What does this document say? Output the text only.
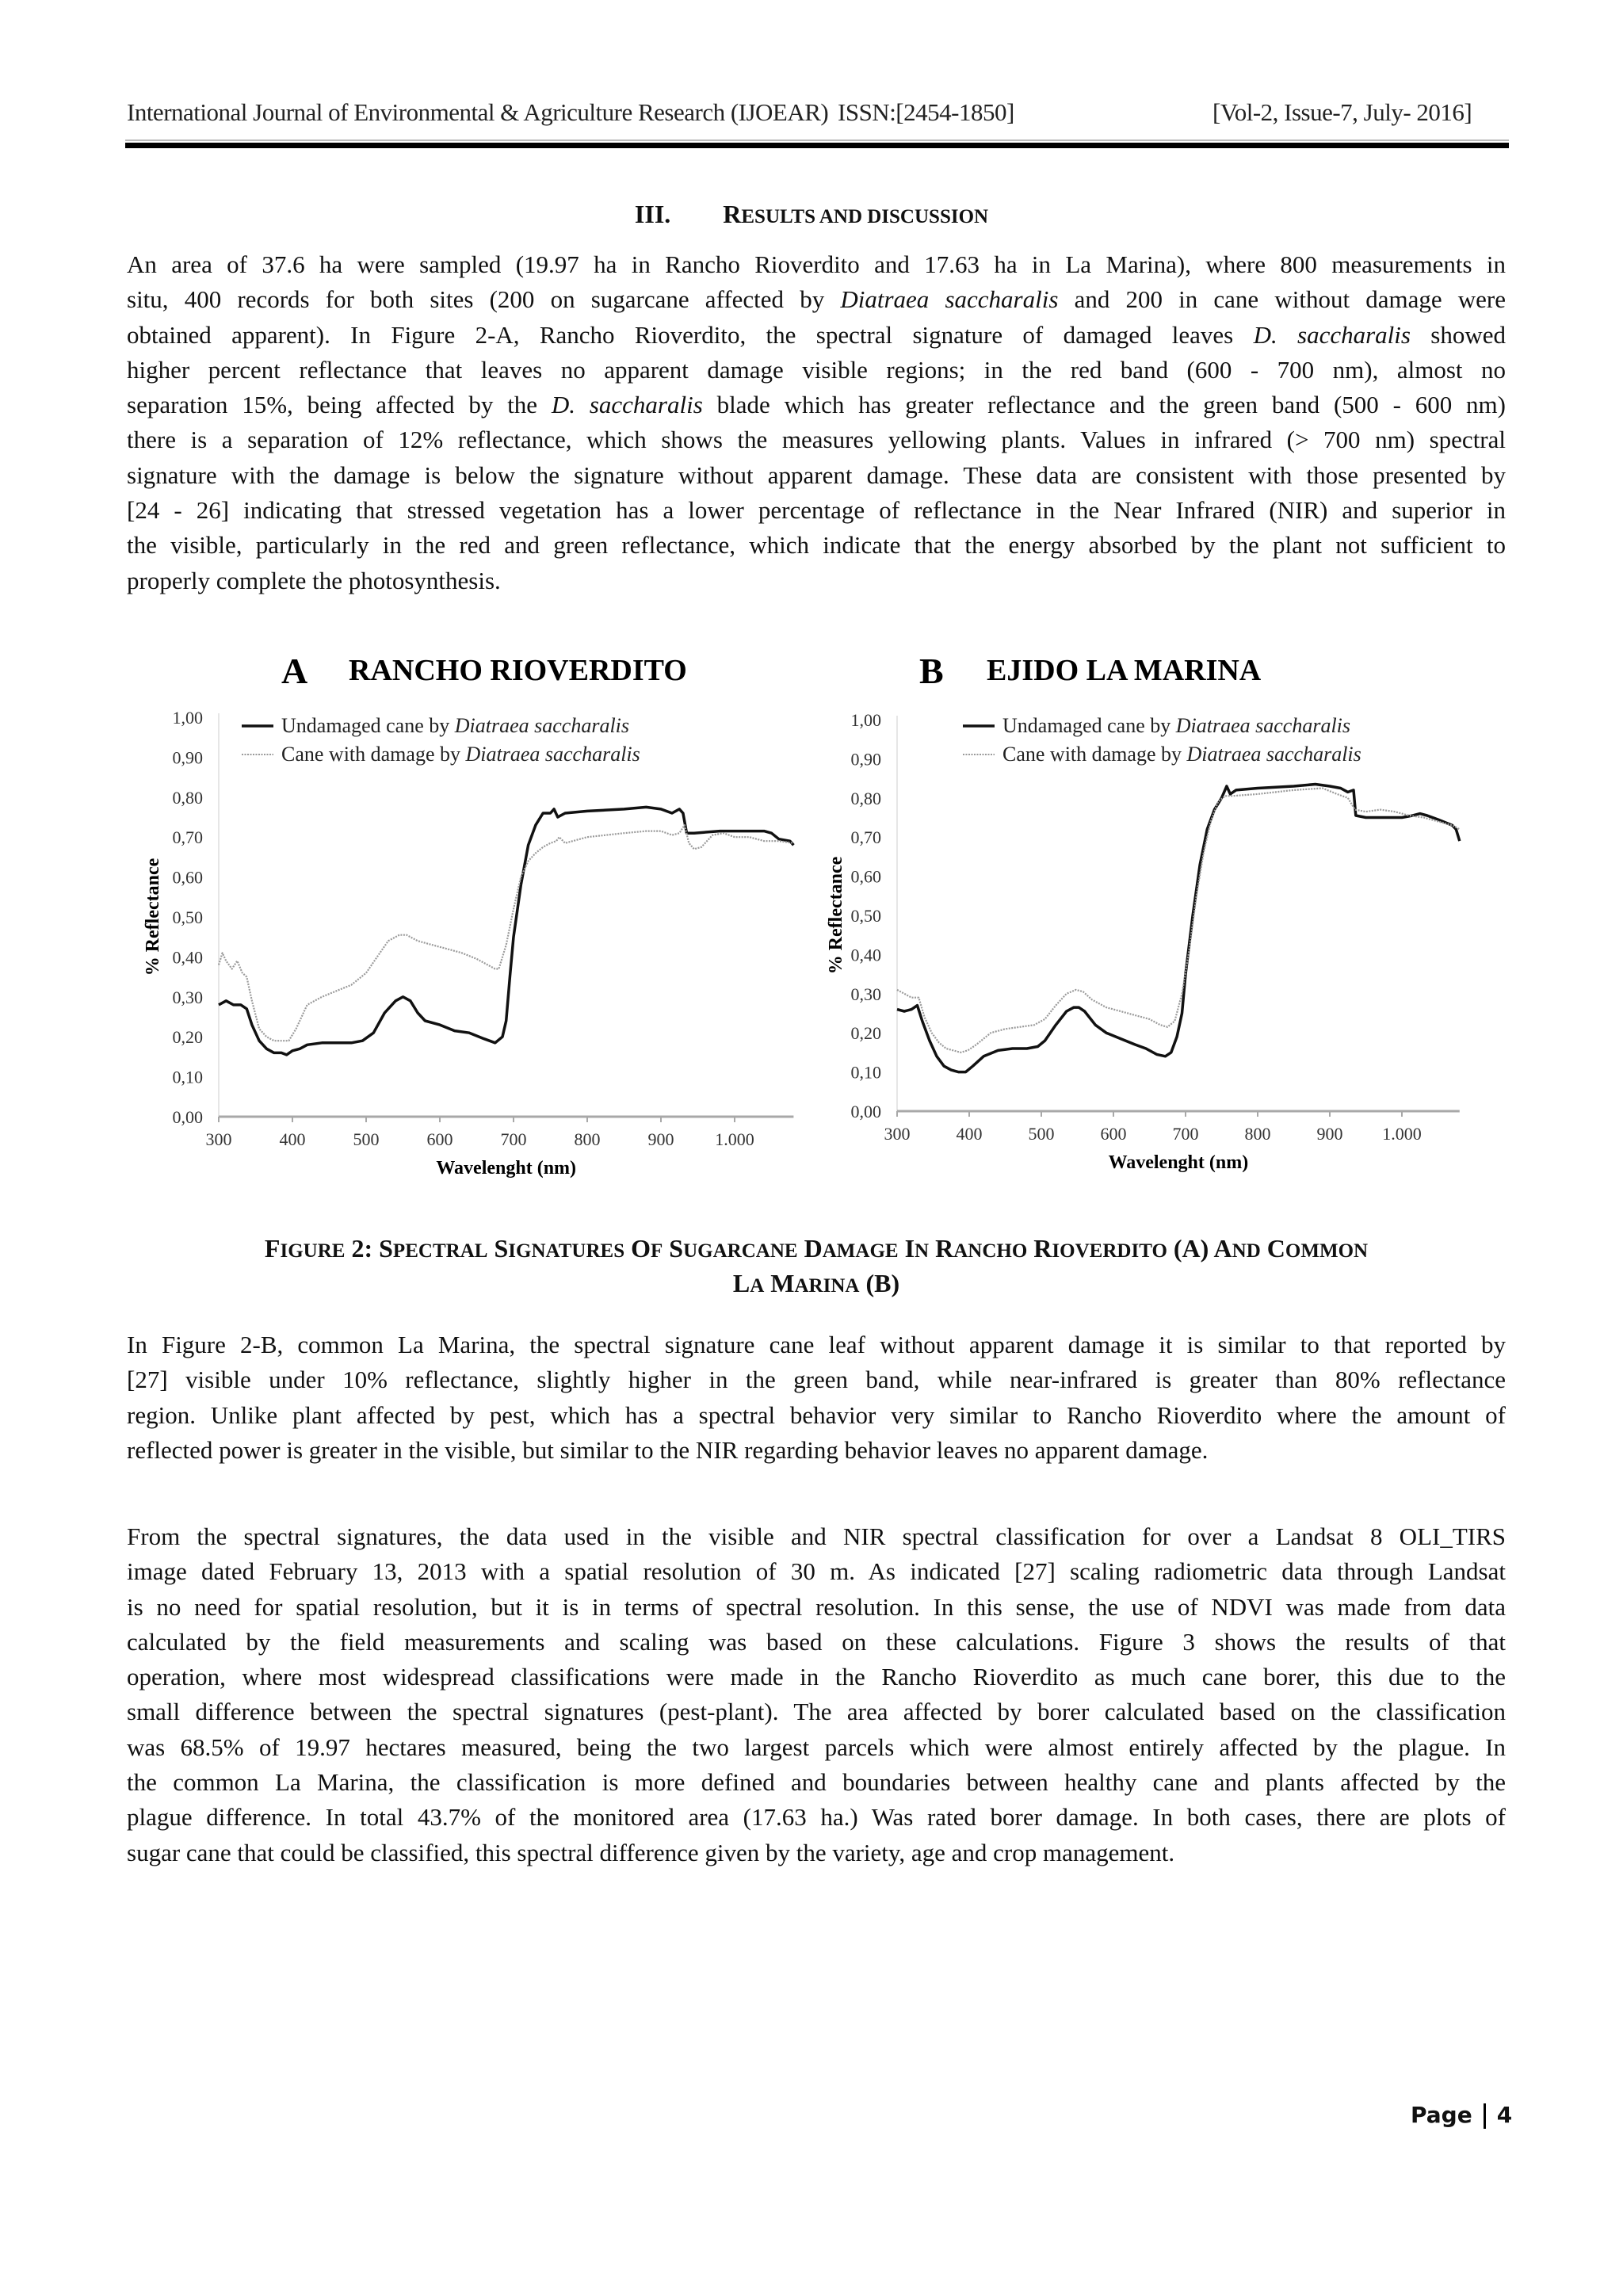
International Journal of Environmental & Agriculture Research (IJOEAR) ISSN:[2454-1850]	[Vol-2, Issue-7, July- 2016]
III. RESULTS AND DISCUSSION
An area of 37.6 ha were sampled (19.97 ha in Rancho Rioverdito and 17.63 ha in La Marina), where 800 measurements in
situ, 400 records for both sites (200 on sugarcane affected by Diatraea saccharalis and 200 in cane without damage were
obtained apparent). In Figure 2-A, Rancho Rioverdito, the spectral signature of damaged leaves D. saccharalis showed
higher percent reflectance that leaves no apparent damage visible regions; in the red band (600 - 700 nm), almost no
separation 15%, being affected by the D. saccharalis blade which has greater reflectance and the green band (500 - 600 nm)
there is a separation of 12% reflectance, which shows the measures yellowing plants. Values in infrared (> 700 nm) spectral
signature with the damage is below the signature without apparent damage. These data are consistent with those presented by
[24 - 26] indicating that stressed vegetation has a lower percentage of reflectance in the Near Infrared (NIR) and superior in
the visible, particularly in the red and green reflectance, which indicate that the energy absorbed by the plant not sufficient to
properly complete the photosynthesis.
A RANCHO RIOVERDITO
0,00
0,10
0,20
0,30
0,40
0,50
0,60
0,70
0,80
0,90
1,00
300	400	500	600	700	800	900 1.000
Wavelenght (nm)
% Reflectance
Undamaged cane by Diatraea saccharalis
Cane with damage by Diatraea saccharalis
B EJIDO LA MARINA
0,00
0,10
0,20
0,30
0,40
0,50
0,60
0,70
0,80
0,90
1,00
300	400	500	600	700	800	900 1.000
Wavelenght (nm)
% Reflectance
Undamaged cane by Diatraea saccharalis
Cane with damage by Diatraea saccharalis
FIGURE 2: SPECTRAL SIGNATURES OF SUGARCANE DAMAGE IN RANCHO RIOVERDITO (A) AND COMMON
LA MARINA (B)
In Figure 2-B, common La Marina, the spectral signature cane leaf without apparent damage it is similar to that reported by
[27] visible under 10% reflectance, slightly higher in the green band, while near-infrared is greater than 80% reflectance
region. Unlike plant affected by pest, which has a spectral behavior very similar to Rancho Rioverdito where the amount of
reflected power is greater in the visible, but similar to the NIR regarding behavior leaves no apparent damage.
From the spectral signatures, the data used in the visible and NIR spectral classification for over a Landsat 8 OLI_TIRS
image dated February 13, 2013 with a spatial resolution of 30 m. As indicated [27] scaling radiometric data through Landsat
is no need for spatial resolution, but it is in terms of spectral resolution. In this sense, the use of NDVI was made from data
calculated by the field measurements and scaling was based on these calculations. Figure 3 shows the results of that
operation, where most widespread classifications were made in the Rancho Rioverdito as much cane borer, this due to the
small difference between the spectral signatures (pest-plant). The area affected by borer calculated based on the classification
was 68.5% of 19.97 hectares measured, being the two largest parcels which were almost entirely affected by the plague. In
the common La Marina, the classification is more defined and boundaries between healthy cane and plants affected by the
plague difference. In total 43.7% of the monitored area (17.63 ha.) Was rated borer damage. In both cases, there are plots of
sugar cane that could be classified, this spectral difference given by the variety, age and crop management.
Page 4
